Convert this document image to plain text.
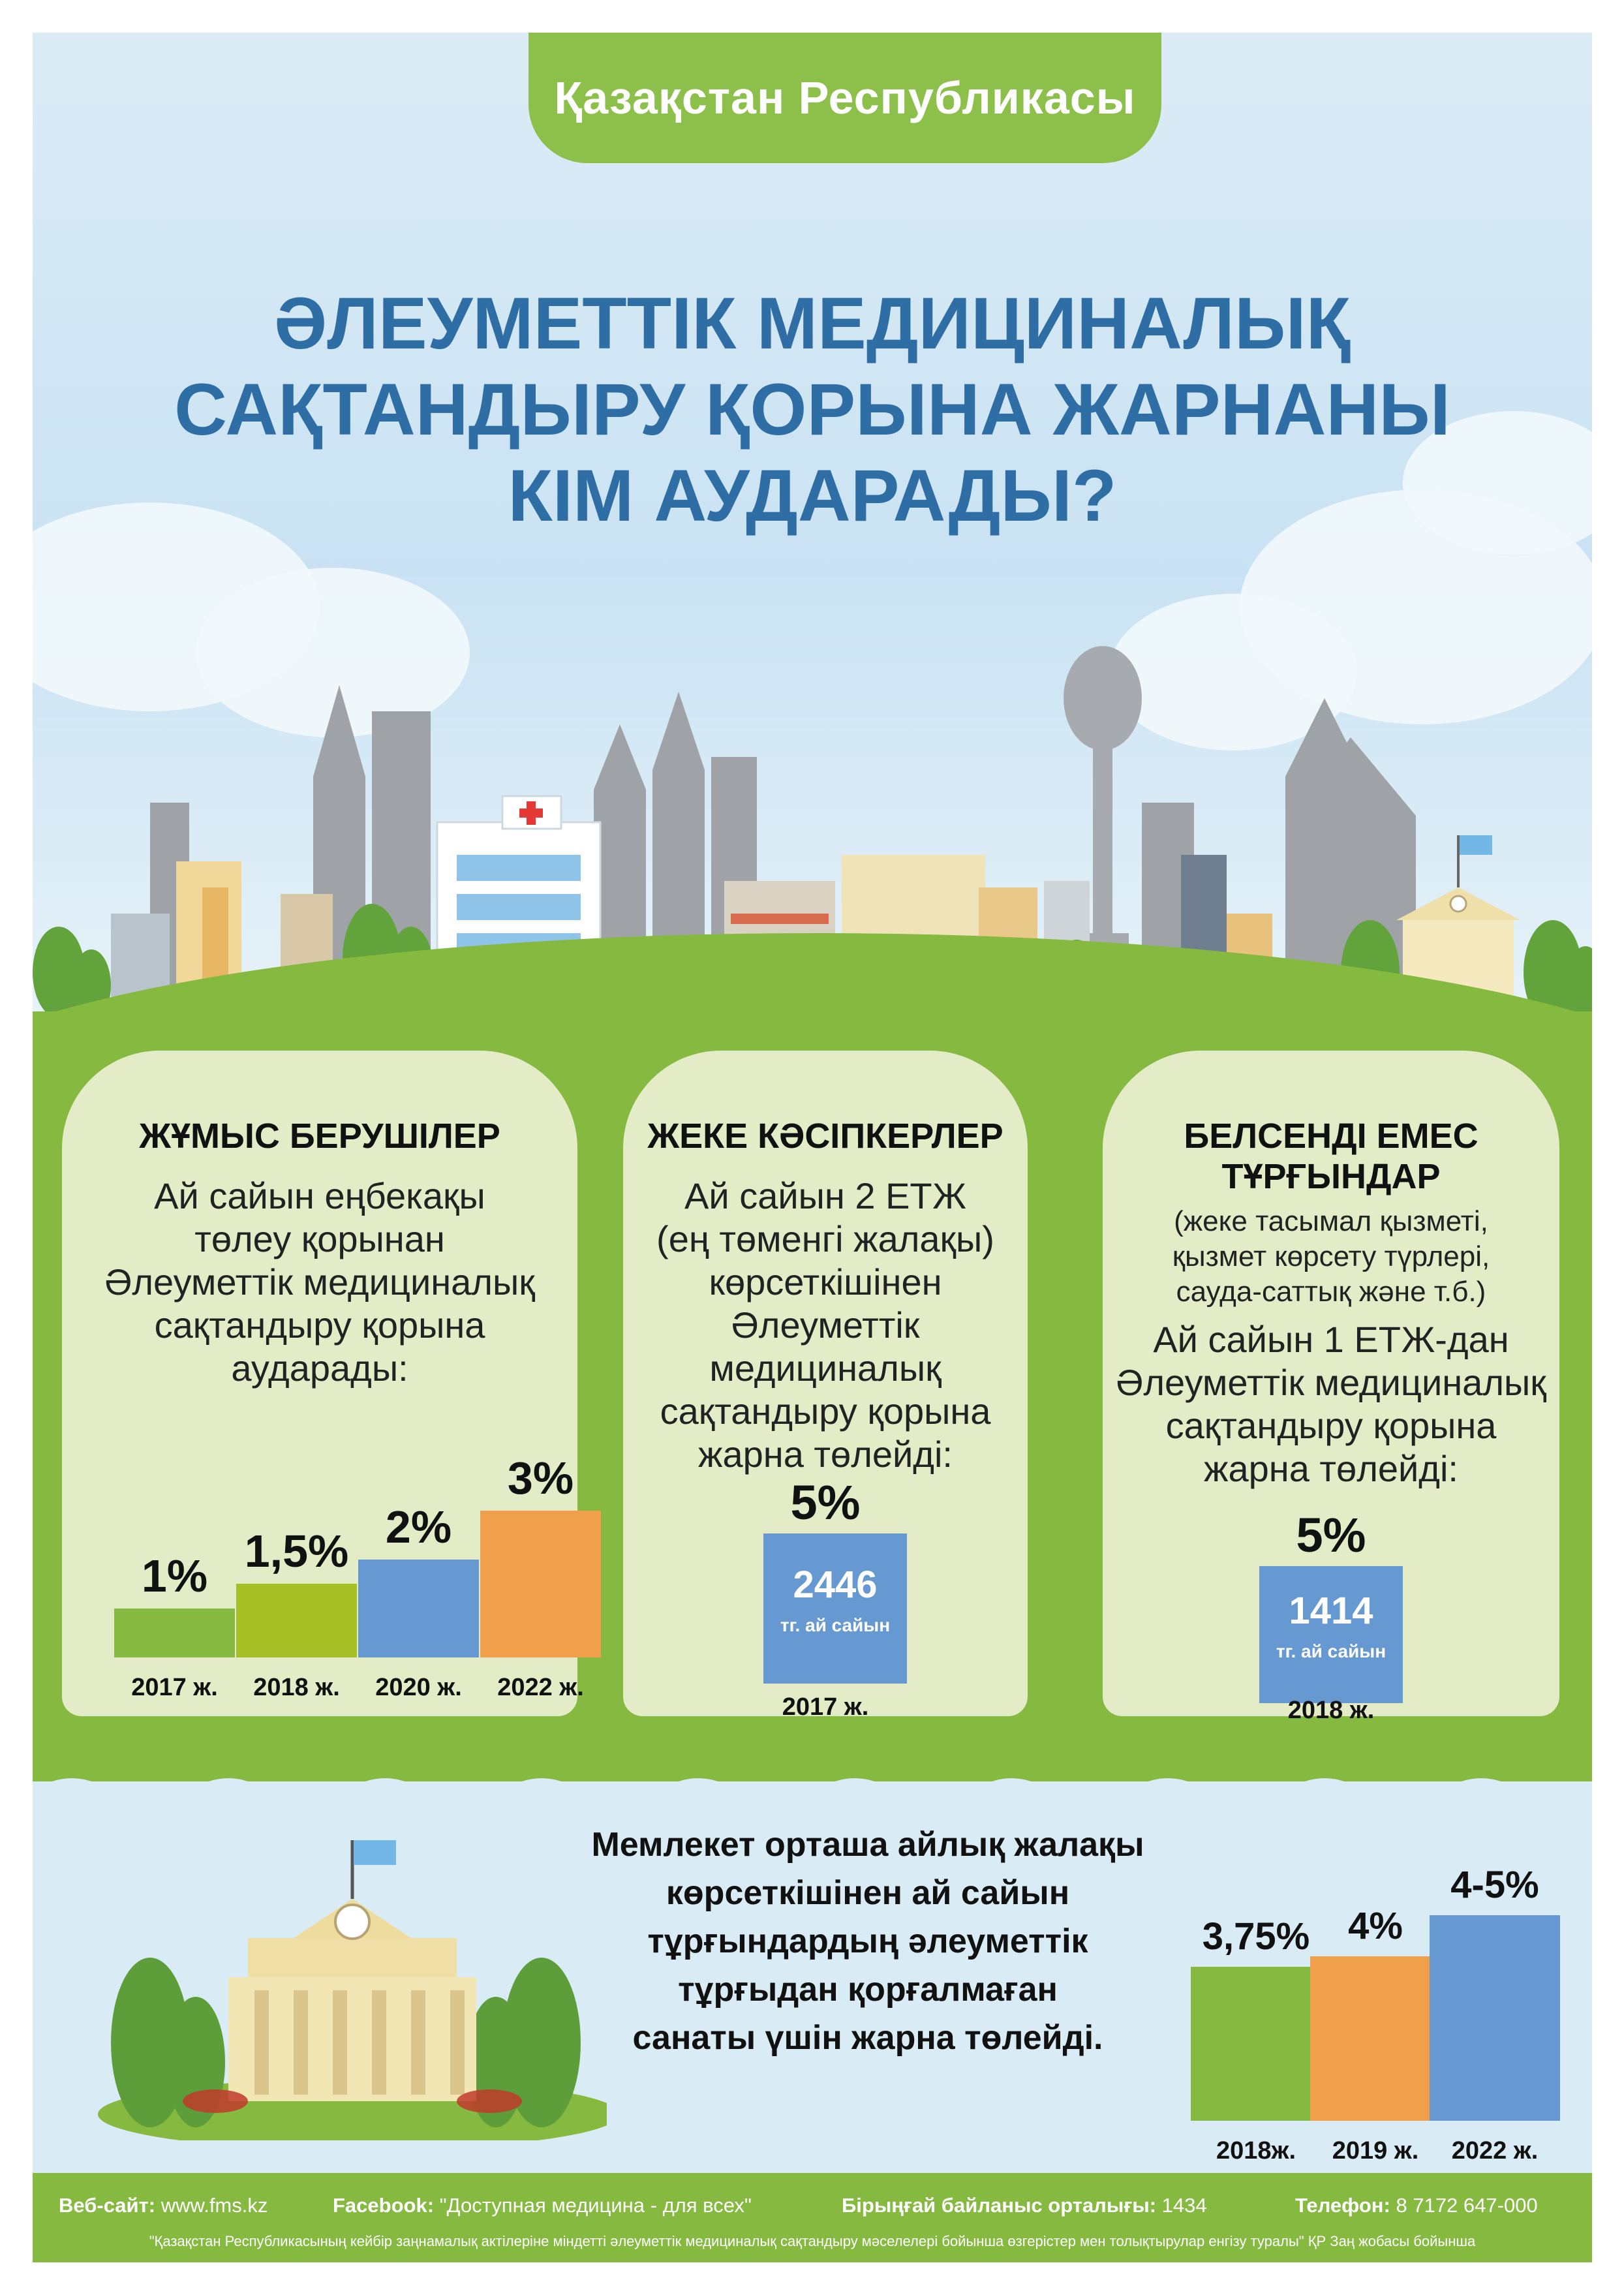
Қазақстан Республикасы
ӘЛЕУМЕТТІК МЕДИЦИНАЛЫҚ
САҚТАНДЫРУ ҚОРЫНА ЖАРНАНЫ
КІМ АУДАРАДЫ?
ЖҰМЫС БЕРУШІЛЕР
Ай сайын еңбекақы
төлеу қорынан
Әлеуметтік медициналық
сақтандыру қорына
аударады:
1%
2017 ж.
1,5%
2018 ж.
2%
2020 ж.
3%
2022 ж.
ЖЕКЕ КӘСІПКЕРЛЕР
Ай сайын 2 ЕТЖ
(ең төменгі жалақы)
көрсеткішінен
Әлеуметтік
медициналық
сақтандыру қорына
жарна төлейді:
5%
2446
тг. ай сайын
2017 ж.
БЕЛСЕНДІ ЕМЕС
ТҰРҒЫНДАР
(жеке тасымал қызметі,
қызмет көрсету түрлері,
сауда-саттық және т.б.)
Ай сайын 1 ЕТЖ-дан
Әлеуметтік медициналық
сақтандыру қорына
жарна төлейді:
5%
1414
тг. ай сайын
2018 ж.
Мемлекет орташа айлық жалақы
көрсеткішінен ай сайын
тұрғындардың әлеуметтік
тұрғыдан қорғалмаған
санаты үшін жарна төлейді.
3,75%
2018ж.
4%
2019 ж.
4-5%
2022 ж.
Веб-сайт: www.fms.kz	Facebook: "Доступная медицина - для всех"	Бірыңғай байланыс орталығы: 1434	Телефон: 8 7172 647-000
"Қазақстан Республикасының кейбір заңнамалық актілеріне міндетті әлеуметтік медициналық сақтандыру мәселелері бойынша өзгерістер мен толықтырулар енгізу туралы" ҚР Заң жобасы бойынша
